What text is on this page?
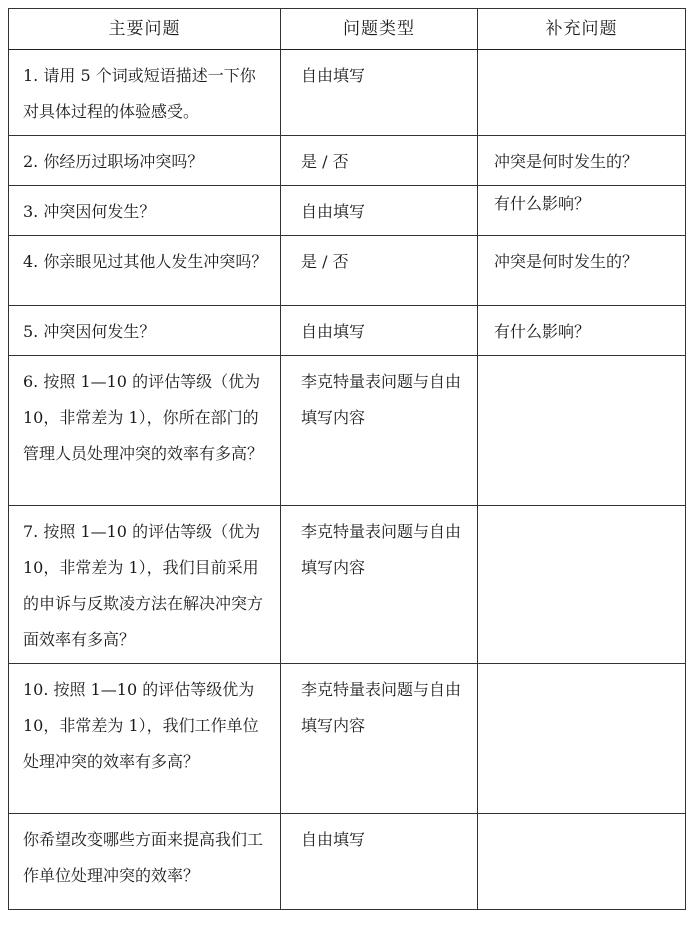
主要问题	问题类型	补充问题
1. 请用 5 个词或短语描述一下你对具体过程的体验感受。	自由填写	
2. 你经历过职场冲突吗？	是 / 否	冲突是何时发生的？
3. 冲突因何发生？	自由填写	有什么影响？
4. 你亲眼见过其他人发生冲突吗？	是 / 否	冲突是何时发生的？
5. 冲突因何发生？	自由填写	有什么影响？
6. 按照 1—10 的评估等级（优为 10，非常差为 1），你所在部门的管理人员处理冲突的效率有多高？	李克特量表问题与自由填写内容	
7. 按照 1—10 的评估等级（优为 10，非常差为 1），我们目前采用的申诉与反欺凌方法在解决冲突方面效率有多高？	李克特量表问题与自由填写内容	
10. 按照 1—10 的评估等级优为 10，非常差为 1），我们工作单位处理冲突的效率有多高？	李克特量表问题与自由填写内容	
你希望改变哪些方面来提高我们工作单位处理冲突的效率？	自由填写	
